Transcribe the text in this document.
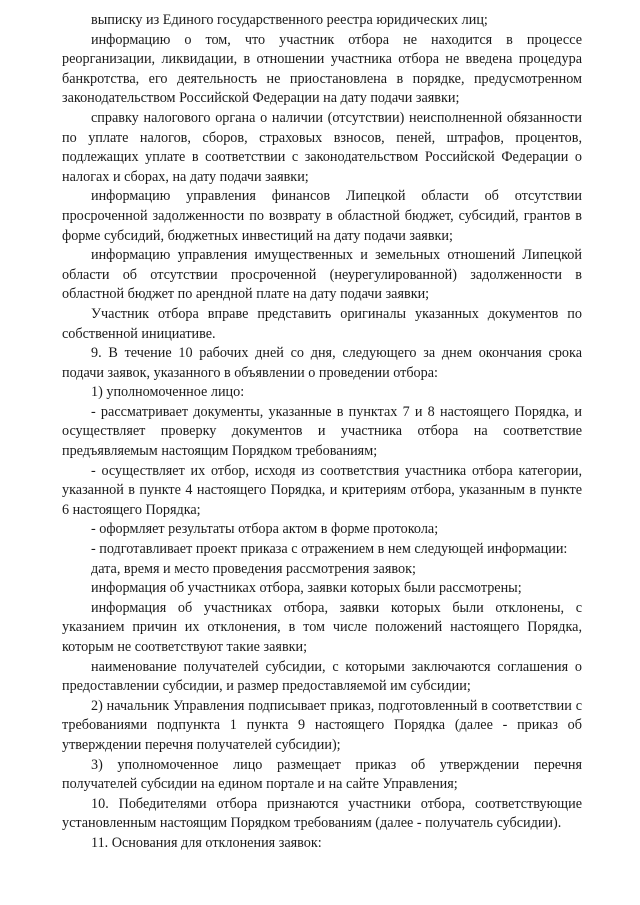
выписку из Единого государственного реестра юридических лиц;

информацию о том, что участник отбора не находится в процессе реорганизации, ликвидации, в отношении участника отбора не введена процедура банкротства, его деятельность не приостановлена в порядке, предусмотренном законодательством Российской Федерации на дату подачи заявки;

справку налогового органа о наличии (отсутствии) неисполненной обязанности по уплате налогов, сборов, страховых взносов, пеней, штрафов, процентов, подлежащих уплате в соответствии с законодательством Российской Федерации о налогах и сборах, на дату подачи заявки;

информацию управления финансов Липецкой области об отсутствии просроченной задолженности по возврату в областной бюджет, субсидий, грантов в форме субсидий, бюджетных инвестиций на дату подачи заявки;

информацию управления имущественных и земельных отношений Липецкой области об отсутствии просроченной (неурегулированной) задолженности в областной бюджет по арендной плате на дату подачи заявки;

Участник отбора вправе представить оригиналы указанных документов по собственной инициативе.

9. В течение 10 рабочих дней со дня, следующего за днем окончания срока подачи заявок, указанного в объявлении о проведении отбора:

1) уполномоченное лицо:

- рассматривает документы, указанные в пунктах 7 и 8 настоящего Порядка, и осуществляет проверку документов и участника отбора на соответствие предъявляемым настоящим Порядком требованиям;

- осуществляет их отбор, исходя из соответствия участника отбора категории, указанной в пункте 4 настоящего Порядка, и критериям отбора, указанным в пункте 6 настоящего Порядка;

- оформляет результаты отбора актом в форме протокола;

- подготавливает проект приказа с отражением в нем следующей информации:

дата, время и место проведения рассмотрения заявок;

информация об участниках отбора, заявки которых были рассмотрены;

информация об участниках отбора, заявки которых были отклонены, с указанием причин их отклонения, в том числе положений настоящего Порядка, которым не соответствуют такие заявки;

наименование получателей субсидии, с которыми заключаются соглашения о предоставлении субсидии, и размер предоставляемой им субсидии;

2) начальник Управления подписывает приказ, подготовленный в соответствии с требованиями подпункта 1 пункта 9 настоящего Порядка (далее - приказ об утверждении перечня получателей субсидии);

3) уполномоченное лицо размещает приказ об утверждении перечня получателей субсидии на едином портале и на сайте Управления;

10. Победителями отбора признаются участники отбора, соответствующие установленным настоящим Порядком требованиям (далее - получатель субсидии).

11. Основания для отклонения заявок:
